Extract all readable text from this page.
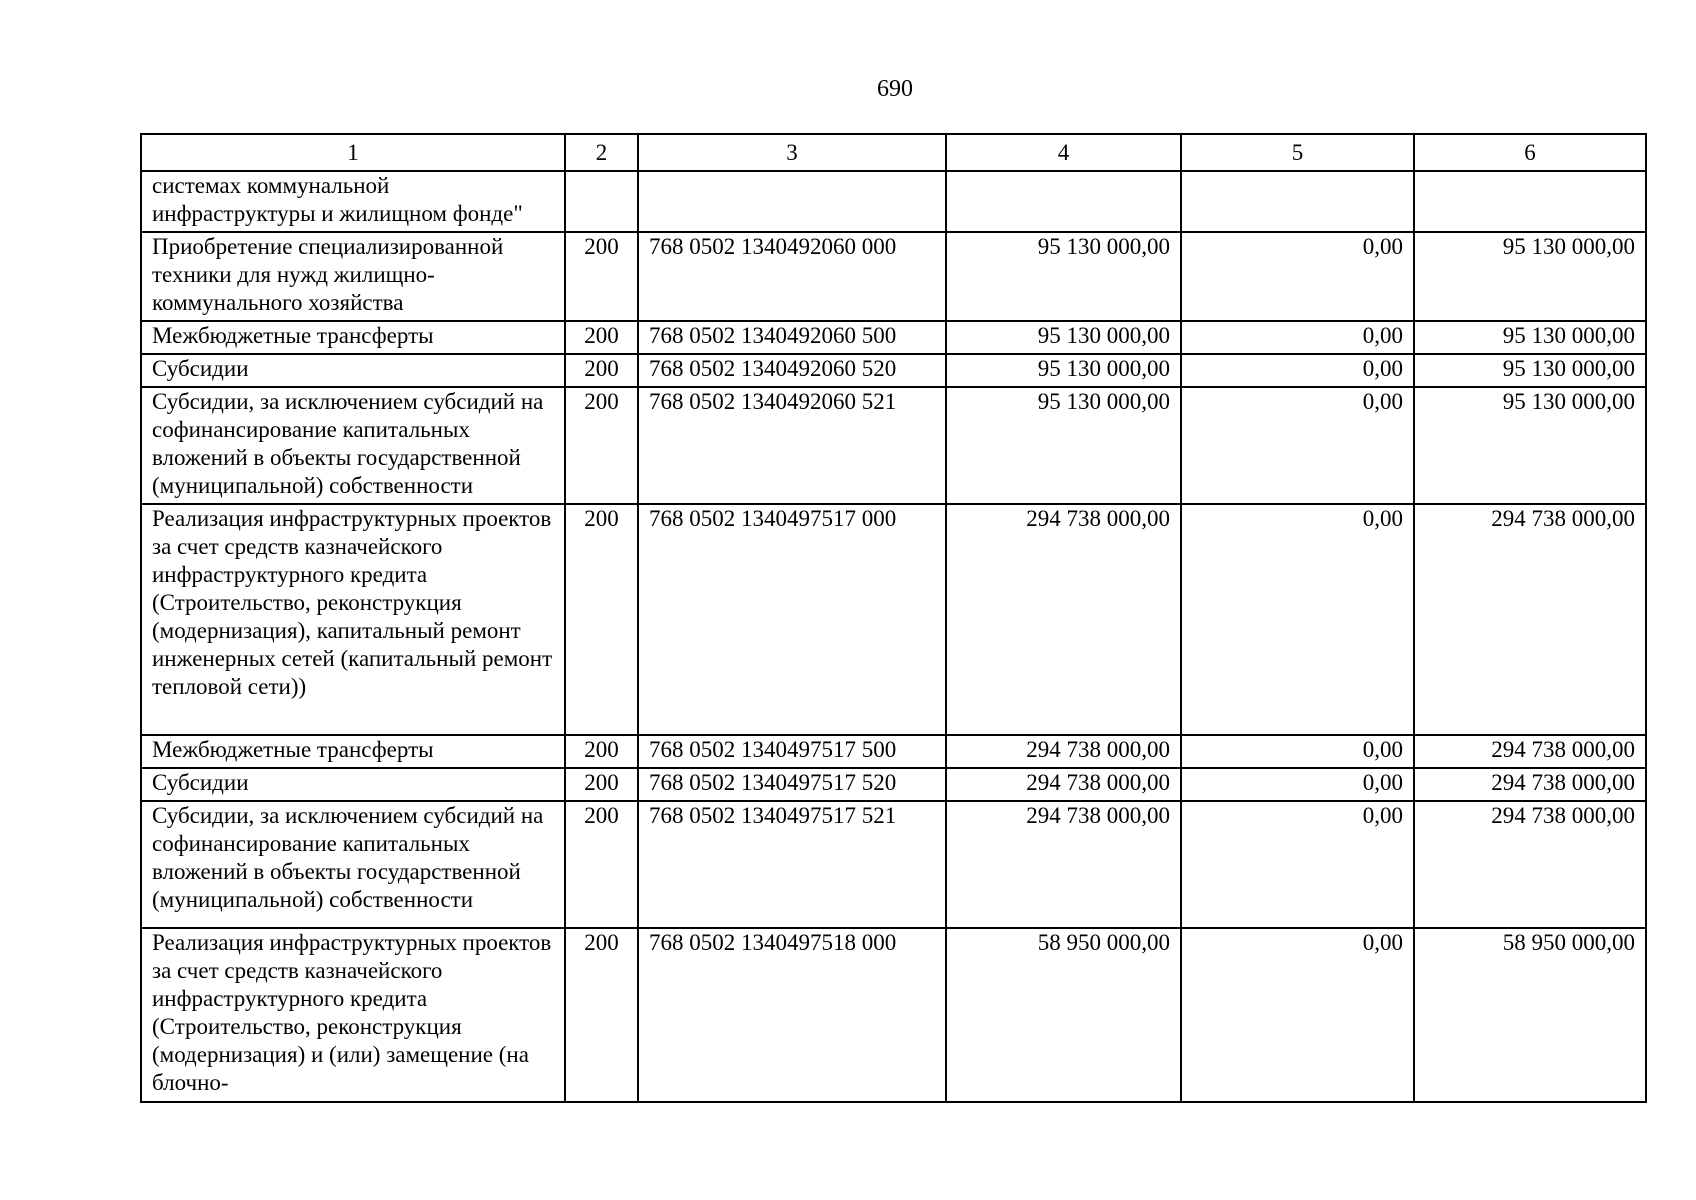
690
1	2	3	4	5	6
системах коммунальной инфраструктуры и жилищном фонде"					
Приобретение специализированной техники для нужд жилищно-коммунального хозяйства	200	768 0502 1340492060 000	95 130 000,00	0,00	95 130 000,00
Межбюджетные трансферты	200	768 0502 1340492060 500	95 130 000,00	0,00	95 130 000,00
Субсидии	200	768 0502 1340492060 520	95 130 000,00	0,00	95 130 000,00
Субсидии, за исключением субсидий на софинансирование капитальных вложений в объекты государственной (муниципальной) собственности	200	768 0502 1340492060 521	95 130 000,00	0,00	95 130 000,00
Реализация инфраструктурных проектов за счет средств казначейского инфраструктурного кредита (Строительство, реконструкция (модернизация), капитальный ремонт инженерных сетей (капитальный ремонт тепловой сети))	200	768 0502 1340497517 000	294 738 000,00	0,00	294 738 000,00
Межбюджетные трансферты	200	768 0502 1340497517 500	294 738 000,00	0,00	294 738 000,00
Субсидии	200	768 0502 1340497517 520	294 738 000,00	0,00	294 738 000,00
Субсидии, за исключением субсидий на софинансирование капитальных вложений в объекты государственной (муниципальной) собственности	200	768 0502 1340497517 521	294 738 000,00	0,00	294 738 000,00
Реализация инфраструктурных проектов за счет средств казначейского инфраструктурного кредита (Строительство, реконструкция (модернизация) и (или) замещение (на блочно-	200	768 0502 1340497518 000	58 950 000,00	0,00	58 950 000,00
